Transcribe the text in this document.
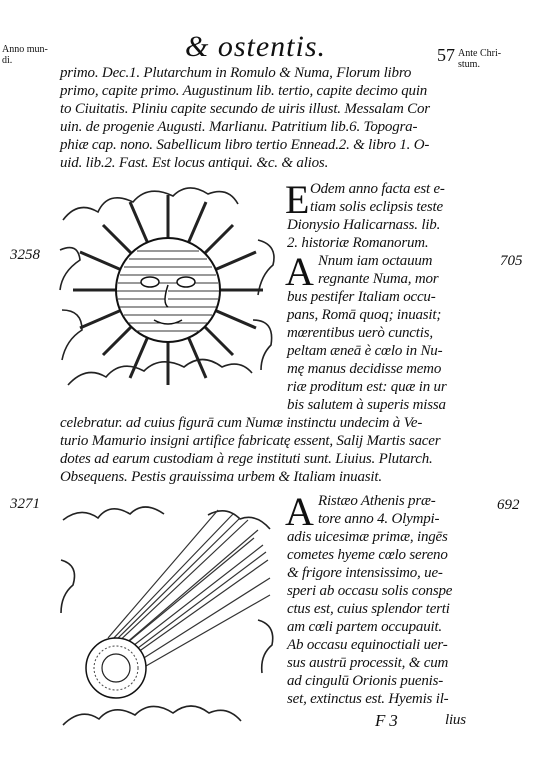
Anno mun-
di.	& ostentis.	57 Ante Chri-
stum.
primo. Dec.1. Plutarchum in Romulo & Numa, Florum libro
primo, capite primo. Augustinum lib. tertio, capite decimo quin
to Ciuitatis. Pliniu capite secundo de uiris illust. Messalam Cor
uin. de progenie Augusti. Marlianu. Patritium lib.6. Topogra-
phiæ cap. nono. Sabellicum libro tertio Ennead.2. & libro 1. O-
uid. lib.2. Fast. Est locus antiqui. &c. & alios.
E Odem anno facta est e-
tiam solis eclipsis teste
Dionysio Halicarnass. lib.
2. historiæ Romanorum.
3258	705
A Nnum iam octauum
regnante Numa, mor
bus pestifer Italiam occu-
pans, Romā quoq; inuasit;
mœrentibus uerò cunctis,
peltam æneā è cœlo in Nu-
mę manus decidisse memo
riæ proditum est: quæ in ur
bis salutem à superis missa
celebratur. ad cuius figurā cum Numæ instinctu undecim à Ve-
turio Mamurio insigni artifice fabricatę essent, Salij Martis sacer
dotes ad earum custodiam à rege instituti sunt. Liuius. Plutarch.
Obsequens. Pestis grauissima urbem & Italiam inuasit.
3271	692
A Ristæo Athenis præ-
tore anno 4. Olympi-
adis uicesimæ primæ, ingēs
cometes hyeme cœlo sereno
& frigore intensissimo, ue-
speri ab occasu solis conspe
ctus est, cuius splendor terti
am cœli partem occupauit.
Ab occasu equinoctiali uer-
sus austrū processit, & cum
ad cingulū Orionis puenis-
set, extinctus est. Hyemis il-
F 3	lius
